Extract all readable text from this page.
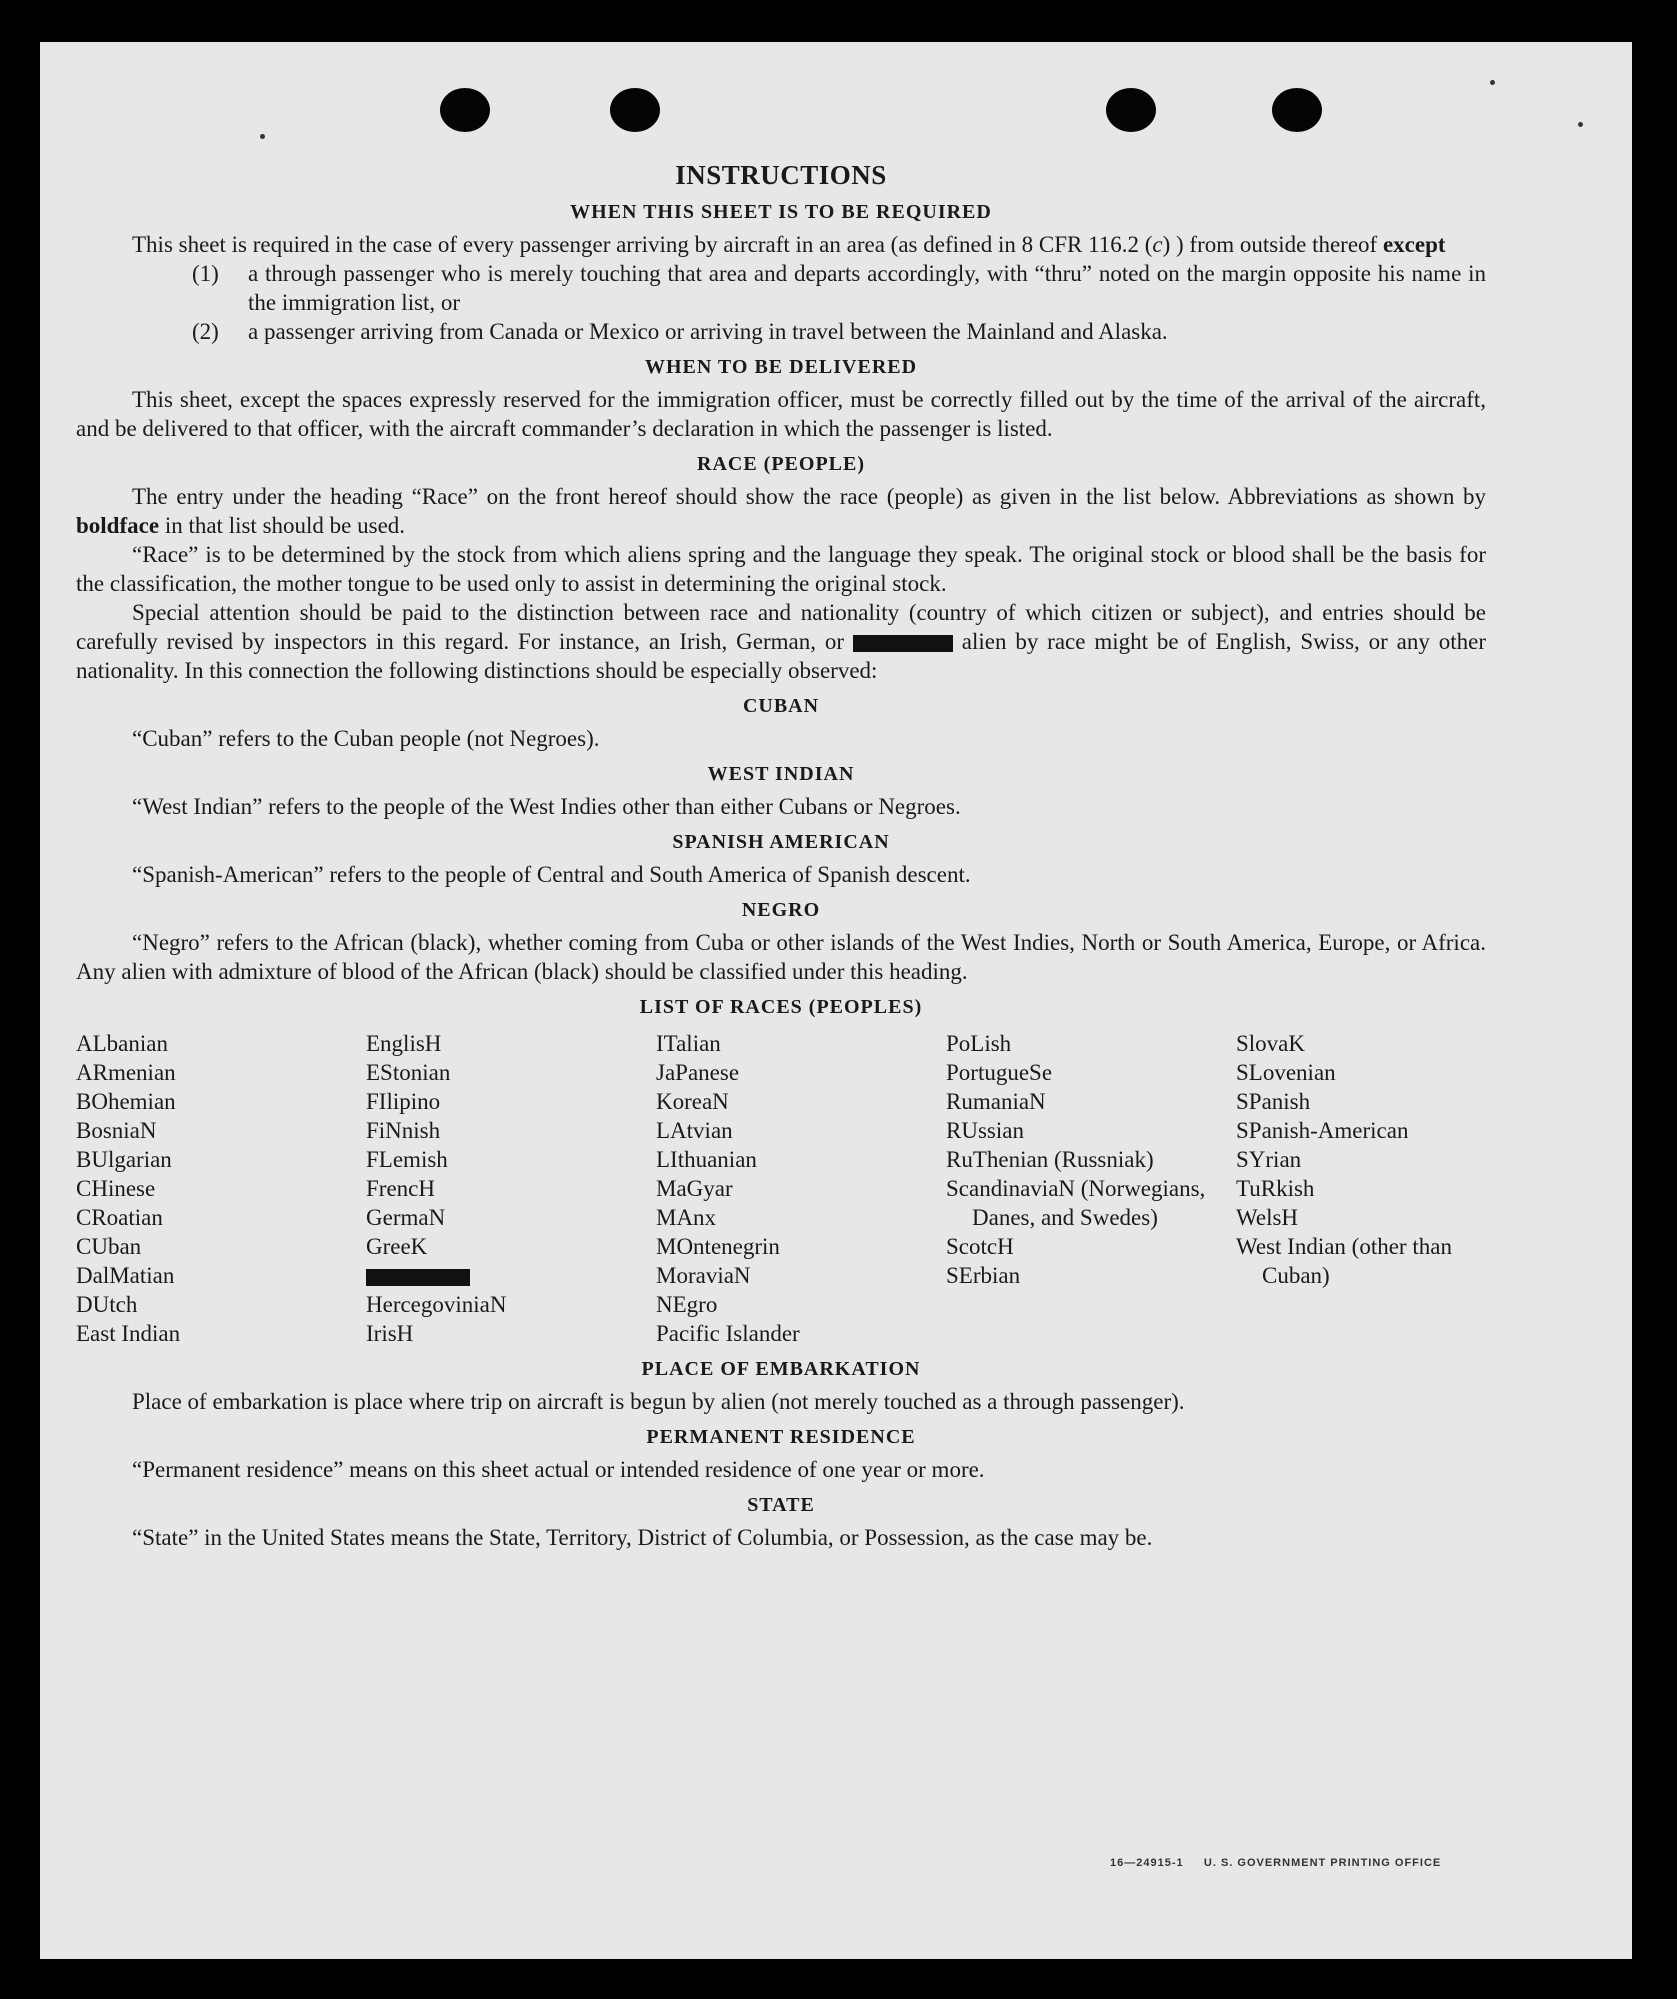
INSTRUCTIONS
WHEN THIS SHEET IS TO BE REQUIRED

This sheet is required in the case of every passenger arriving by aircraft in an area (as defined in 8 CFR 116.2 (c) ) from outside thereof except

(1)	a through passenger who is merely touching that area and departs accordingly, with “thru” noted on the margin opposite his name in the immigration list, or
(2)	a passenger arriving from Canada or Mexico or arriving in travel between the Mainland and Alaska.
WHEN TO BE DELIVERED

This sheet, except the spaces expressly reserved for the immigration officer, must be correctly filled out by the time of the arrival of the aircraft, and be delivered to that officer, with the aircraft commander’s declaration in which the passenger is listed.

RACE (PEOPLE)

The entry under the heading “Race” on the front hereof should show the race (people) as given in the list below. Abbreviations as shown by boldface in that list should be used.

“Race” is to be determined by the stock from which aliens spring and the language they speak. The original stock or blood shall be the basis for the classification, the mother tongue to be used only to assist in determining the original stock.

Special attention should be paid to the distinction between race and nationality (country of which citizen or subject), and entries should be carefully revised by inspectors in this regard. For instance, an Irish, German, or	alien by race might be of English, Swiss, or any other nationality. In this connection the following distinctions should be especially observed:

CUBAN

“Cuban” refers to the Cuban people (not Negroes).

WEST INDIAN

“West Indian” refers to the people of the West Indies other than either Cubans or Negroes.

SPANISH AMERICAN

“Spanish-American” refers to the people of Central and South America of Spanish descent.

NEGRO

“Negro” refers to the African (black), whether coming from Cuba or other islands of the West Indies, North or South America, Europe, or Africa. Any alien with admixture of blood of the African (black) should be classified under this heading.

LIST OF RACES (PEOPLES)
ALbanian
ARmenian
BOhemian
BosniaN
BUlgarian
CHinese
CRoatian
CUban
DalMatian
DUtch
East Indian
EnglisH
EStonian
FIlipino
FiNnish
FLemish
FrencH
GermaN
GreeK
HercegoviniaN
IrisH
ITalian
JaPanese
KoreaN
LAtvian
LIthuanian
MaGyar
MAnx
MOntenegrin
MoraviaN
NEgro
Pacific Islander
PoLish
PortugueSe
RumaniaN
RUssian
RuThenian (Russniak)
ScandinaviaN (Norwegians, Danes, and Swedes)
ScotcH
SErbian
SlovaK
SLovenian
SPanish
SPanish-American
SYrian
TuRkish
WelsH
West Indian (other than Cuban)
PLACE OF EMBARKATION

Place of embarkation is place where trip on aircraft is begun by alien (not merely touched as a through passenger).

PERMANENT RESIDENCE

“Permanent residence” means on this sheet actual or intended residence of one year or more.

STATE

“State” in the United States means the State, Territory, District of Columbia, or Possession, as the case may be.

16—24915-1 U. S. GOVERNMENT PRINTING OFFICE
